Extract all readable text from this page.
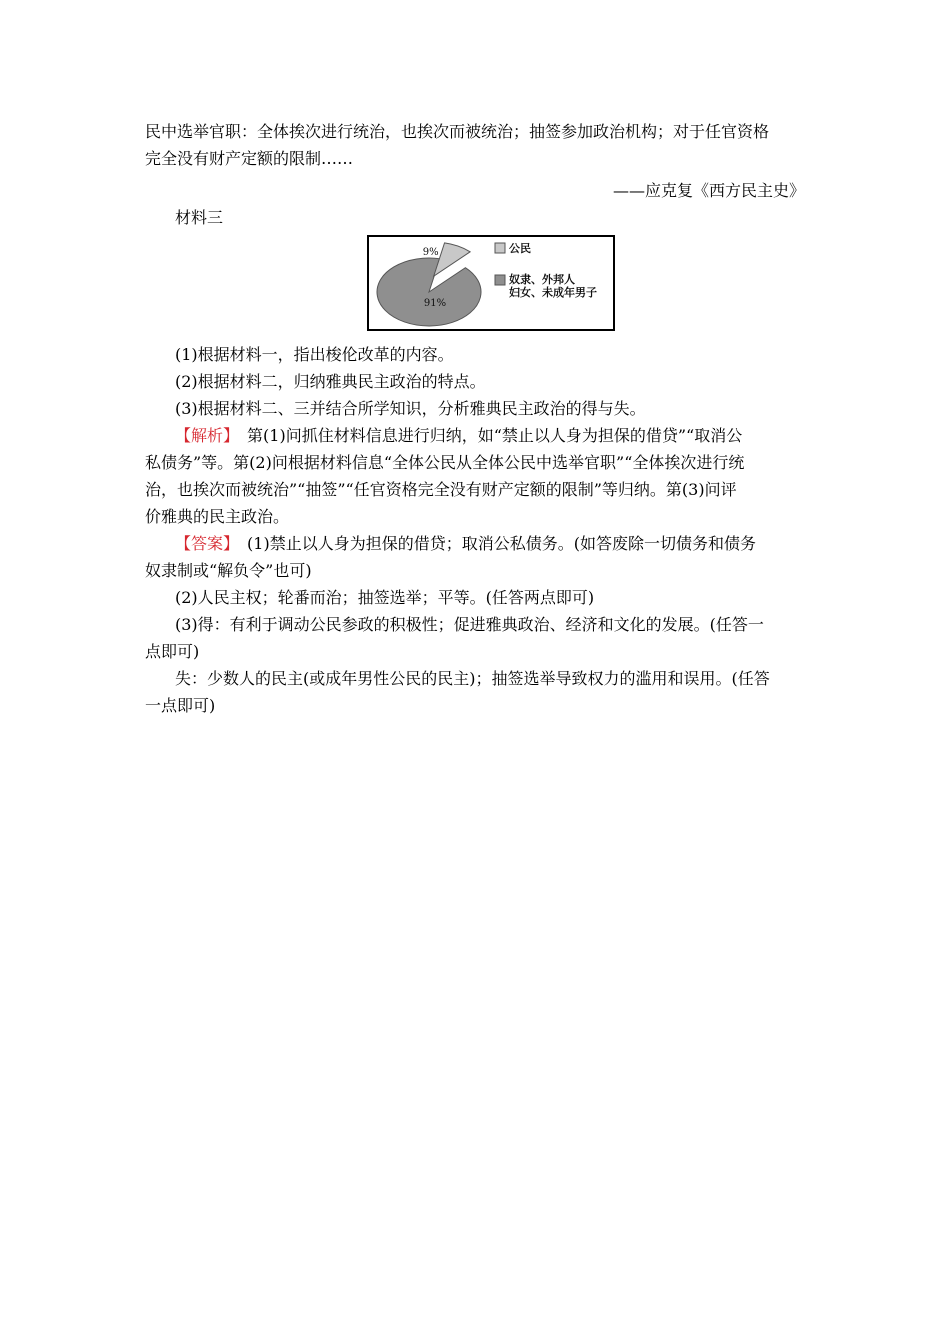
民中选举官职：全体挨次进行统治，也挨次而被统治；抽签参加政治机构；对于任官资格
完全没有财产定额的限制……
——应克复《西方民主史》
材料三
9%
91%
公民
奴隶、外邦人
妇女、未成年男子
(1)根据材料一，指出梭伦改革的内容。
(2)根据材料二，归纳雅典民主政治的特点。
(3)根据材料二、三并结合所学知识，分析雅典民主政治的得与失。
【解析】　 第(1)问抓住材料信息进行归纳，如“禁止以人身为担保的借贷”“取消公
私债务”等。第(2)问根据材料信息“全体公民从全体公民中选举官职”“全体挨次进行统
治，也挨次而被统治”“抽签”“任官资格完全没有财产定额的限制”等归纳。第(3)问评
价雅典的民主政治。
【答案】　 (1)禁止以人身为担保的借贷；取消公私债务。(如答废除一切债务和债务
奴隶制或“解负令”也可)
(2)人民主权；轮番而治；抽签选举；平等。(任答两点即可)
(3)得：有利于调动公民参政的积极性；促进雅典政治、经济和文化的发展。(任答一
点即可)
失：少数人的民主(或成年男性公民的民主)；抽签选举导致权力的滥用和误用。(任答
一点即可)
